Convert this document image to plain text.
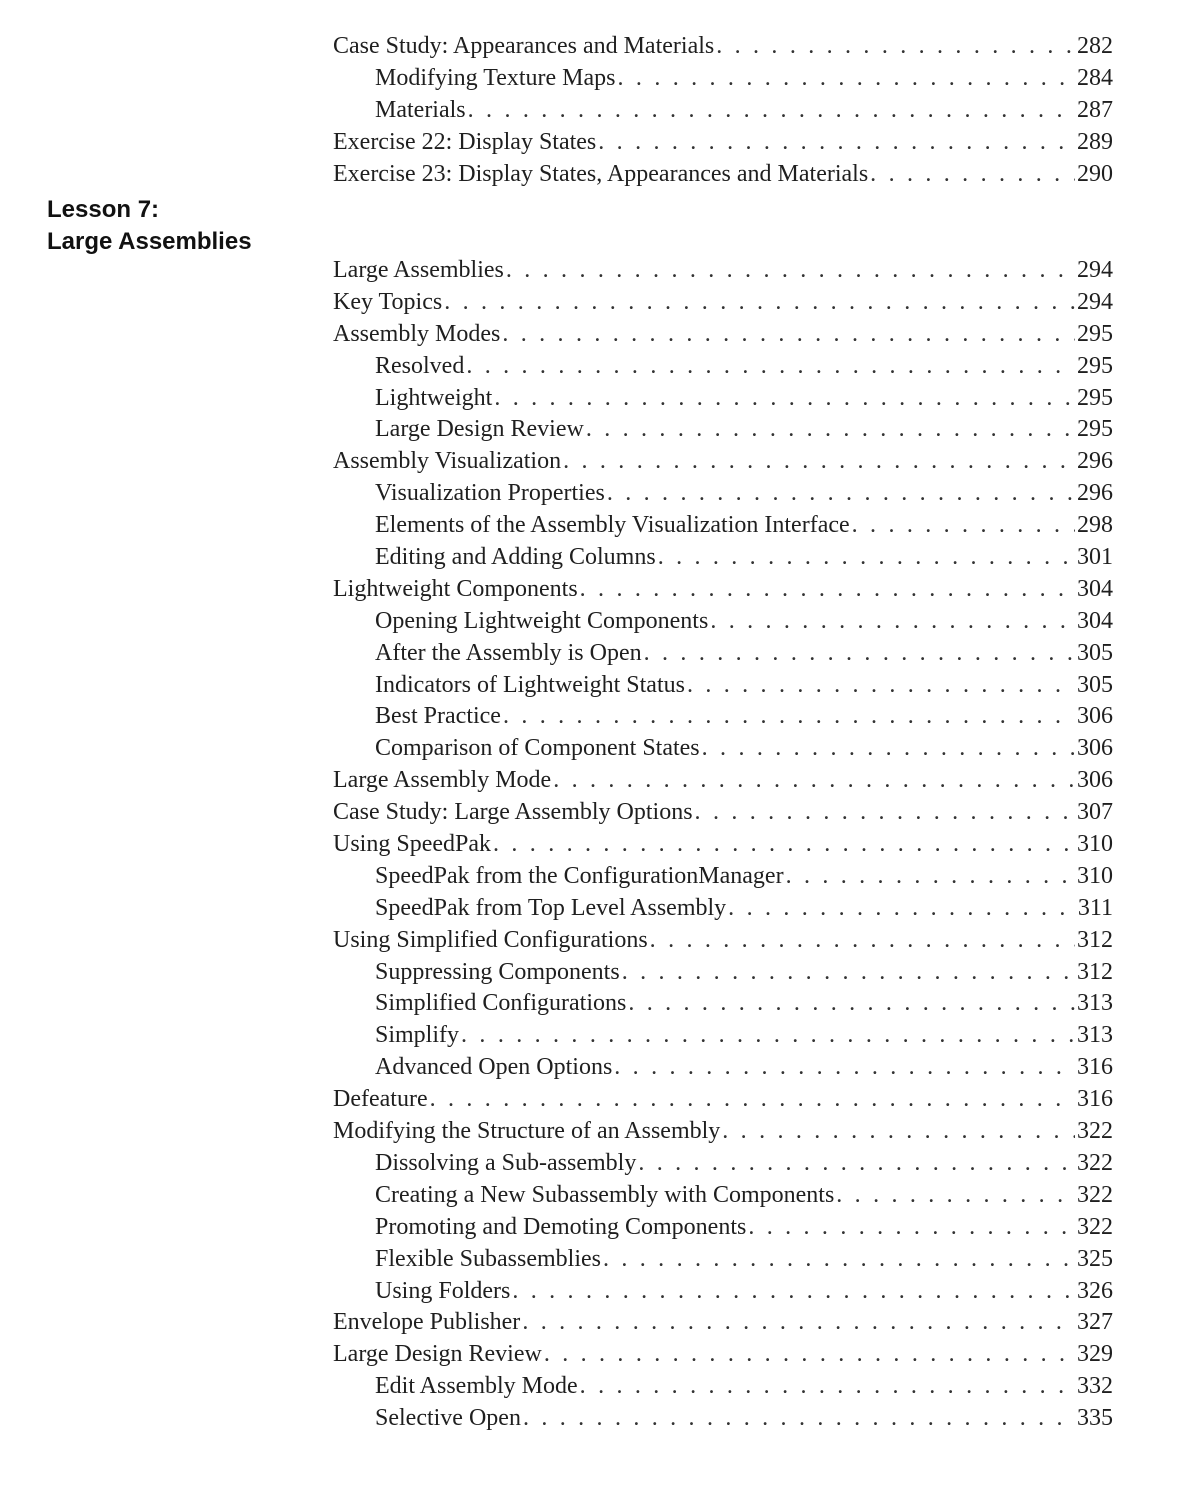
Lesson 7:
Large Assemblies
Case Study: Appearances and Materials . . .	282
Modifying Texture Maps . . .	284
Materials . . .	287
Exercise 22: Display States . . .	289
Exercise 23: Display States, Appearances and Materials . . .	290
Large Assemblies . . .	294
Key Topics . . .	294
Assembly Modes . . .	295
Resolved . . .	295
Lightweight . . .	295
Large Design Review . . .	295
Assembly Visualization . . .	296
Visualization Properties . . .	296
Elements of the Assembly Visualization Interface . . .	298
Editing and Adding Columns . . .	301
Lightweight Components . . .	304
Opening Lightweight Components . . .	304
After the Assembly is Open . . .	305
Indicators of Lightweight Status . . .	305
Best Practice . . .	306
Comparison of Component States . . .	306
Large Assembly Mode . . .	306
Case Study: Large Assembly Options . . .	307
Using SpeedPak . . .	310
SpeedPak from the ConfigurationManager . . .	310
SpeedPak from Top Level Assembly . . .	311
Using Simplified Configurations . . .	312
Suppressing Components . . .	312
Simplified Configurations . . .	313
Simplify . . .	313
Advanced Open Options . . .	316
Defeature . . .	316
Modifying the Structure of an Assembly . . .	322
Dissolving a Sub-assembly . . .	322
Creating a New Subassembly with Components . . .	322
Promoting and Demoting Components . . .	322
Flexible Subassemblies . . .	325
Using Folders . . .	326
Envelope Publisher . . .	327
Large Design Review . . .	329
Edit Assembly Mode . . .	332
Selective Open . . .	335
